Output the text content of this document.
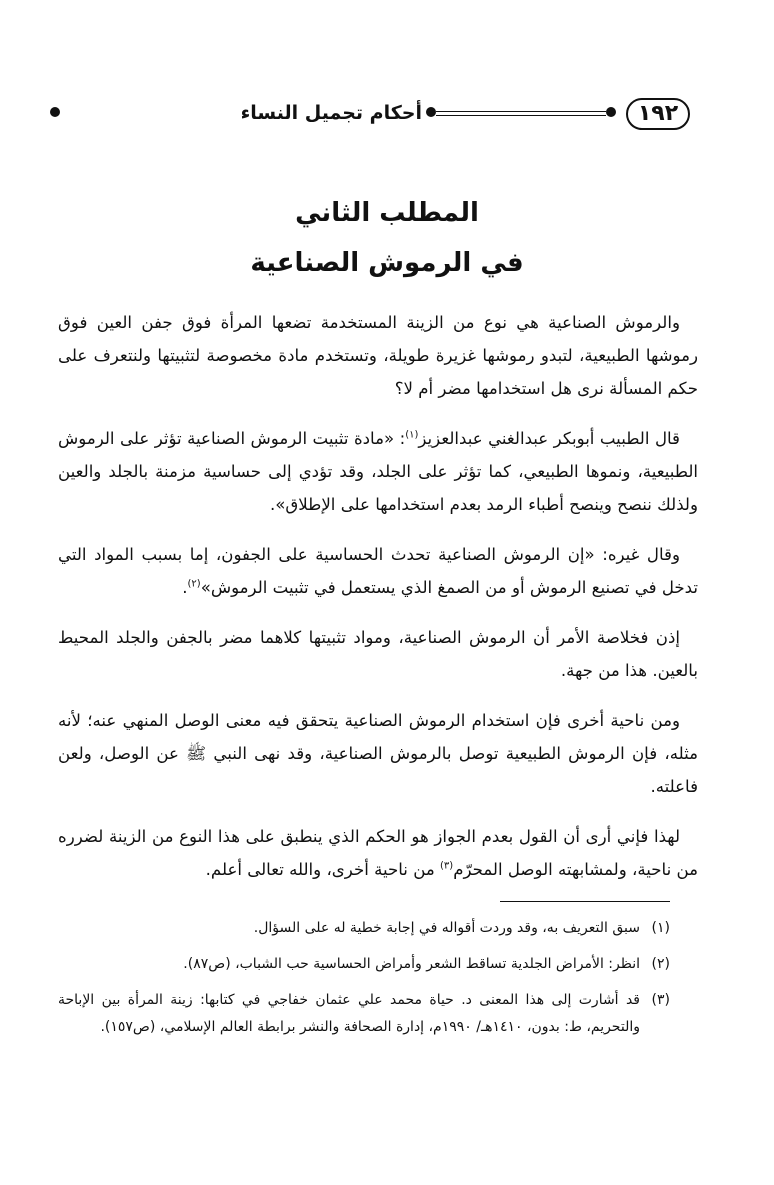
١٩٢
أحكام تجميل النساء
المطلب الثاني
في الرموش الصناعية

والرموش الصناعية هي نوع من الزينة المستخدمة تضعها المرأة فوق جفن العين فوق رموشها الطبيعية، لتبدو رموشها غزيرة طويلة، وتستخدم مادة مخصوصة لتثبيتها ولنتعرف على حكم المسألة نرى هل استخدامها مضر أم لا؟

قال الطبيب أبوبكر عبدالغني عبدالعزيز$^{(١)}$: «مادة تثبيت الرموش الصناعية تؤثر على الرموش الطبيعية، ونموها الطبيعي، كما تؤثر على الجلد، وقد تؤدي إلى حساسية مزمنة بالجلد والعين ولذلك ننصح وينصح أطباء الرمد بعدم استخدامها على الإطلاق».

وقال غيره: «إن الرموش الصناعية تحدث الحساسية على الجفون، إما بسبب المواد التي تدخل في تصنيع الرموش أو من الصمغ الذي يستعمل في تثبيت الرموش»$^{(٢)}$.

إذن فخلاصة الأمر أن الرموش الصناعية، ومواد تثبيتها كلاهما مضر بالجفن والجلد المحيط بالعين. هذا من جهة.

ومن ناحية أخرى فإن استخدام الرموش الصناعية يتحقق فيه معنى الوصل المنهي عنه؛ لأنه مثله، فإن الرموش الطبيعية توصل بالرموش الصناعية، وقد نهى النبي ﷺ عن الوصل، ولعن فاعلته.

لهذا فإني أرى أن القول بعدم الجواز هو الحكم الذي ينطبق على هذا النوع من الزينة لضرره من ناحية، ولمشابهته الوصل المحرّم$^{(٣)}$ من ناحية أخرى، والله تعالى أعلم.

(١)
سبق التعريف به، وقد وردت أقواله في إجابة خطية له على السؤال.
(٢)
انظر: الأمراض الجلدية تساقط الشعر وأمراض الحساسية حب الشباب، (ص٨٧).
(٣)
قد أشارت إلى هذا المعنى د. حياة محمد علي عثمان خفاجي في كتابها: زينة المرأة بين الإباحة والتحريم، ط: بدون، ١٤١٠هـ/ ١٩٩٠م، إدارة الصحافة والنشر برابطة العالم الإسلامي، (ص١٥٧).
